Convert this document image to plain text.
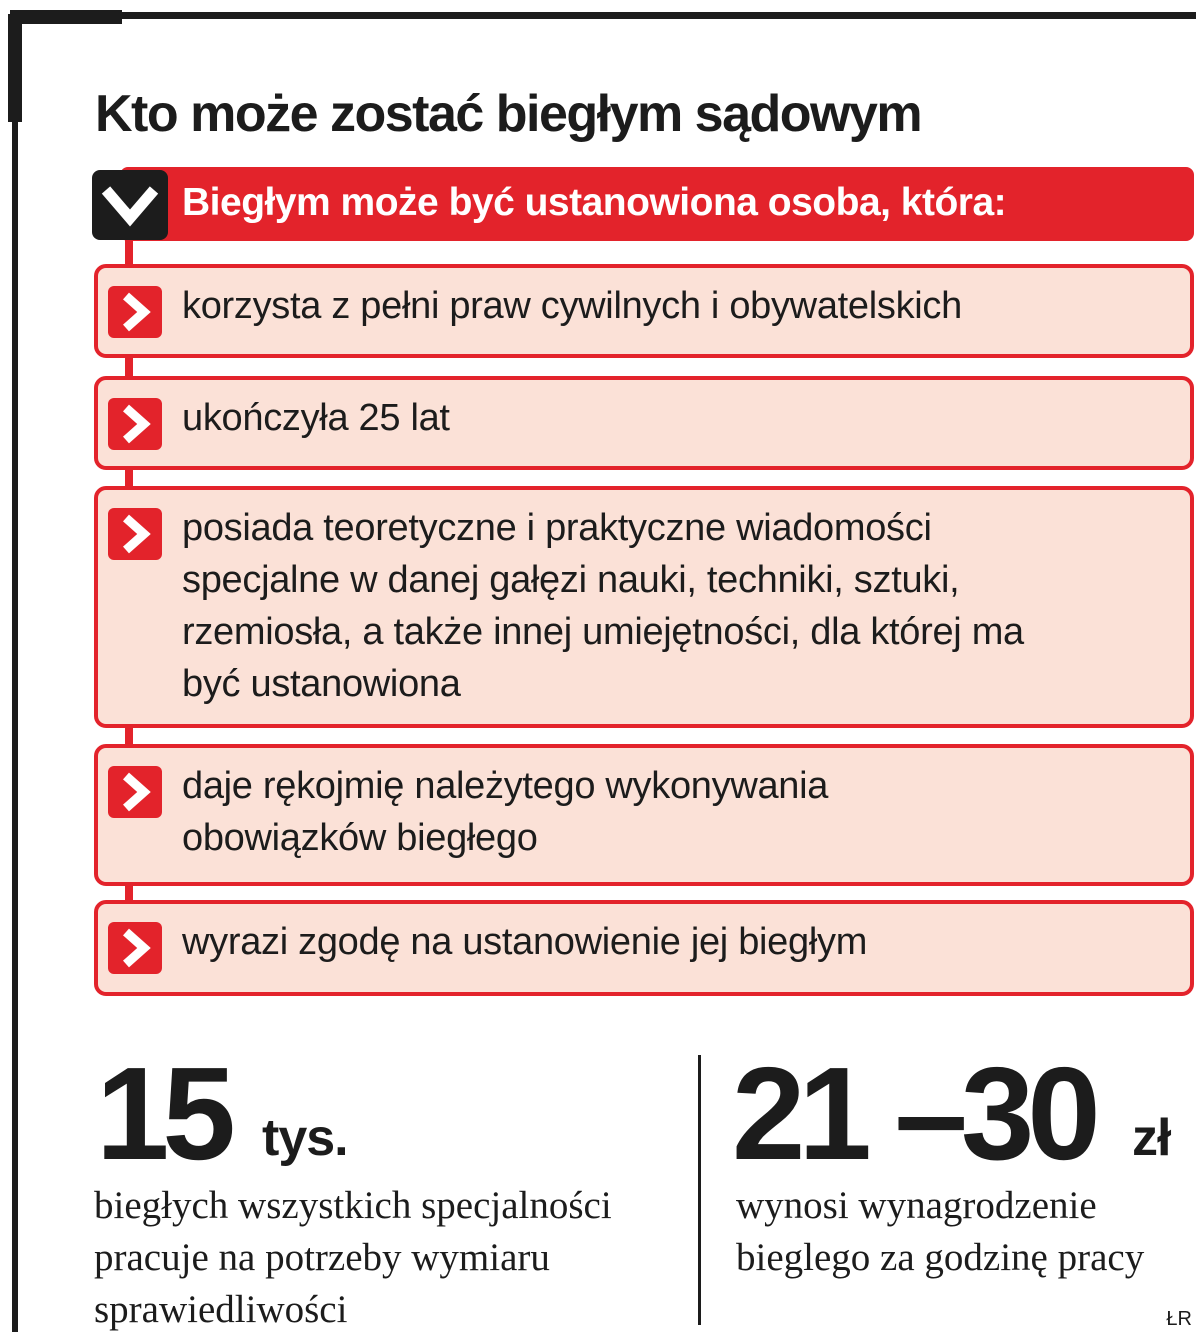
Kto może zostać biegłym sądowym
Biegłym może być ustanowiona osoba, która:
korzysta z pełni praw cywilnych i obywatelskich
ukończyła 25 lat
posiada teoretyczne i praktyczne wiadomości specjalne w danej gałęzi nauki, techniki, sztuki, rzemiosła, a także innej umiejętności, dla której ma być ustanowiona
daje rękojmię należytego wykonywania obowiązków biegłego
wyrazi zgodę na ustanowienie jej biegłym
15 tys.
biegłych wszystkich specjalności pracuje na potrzeby wymiaru sprawiedliwości
21 –30 zł
wynosi wynagrodzenie bieglego za godzinę pracy
ŁR
